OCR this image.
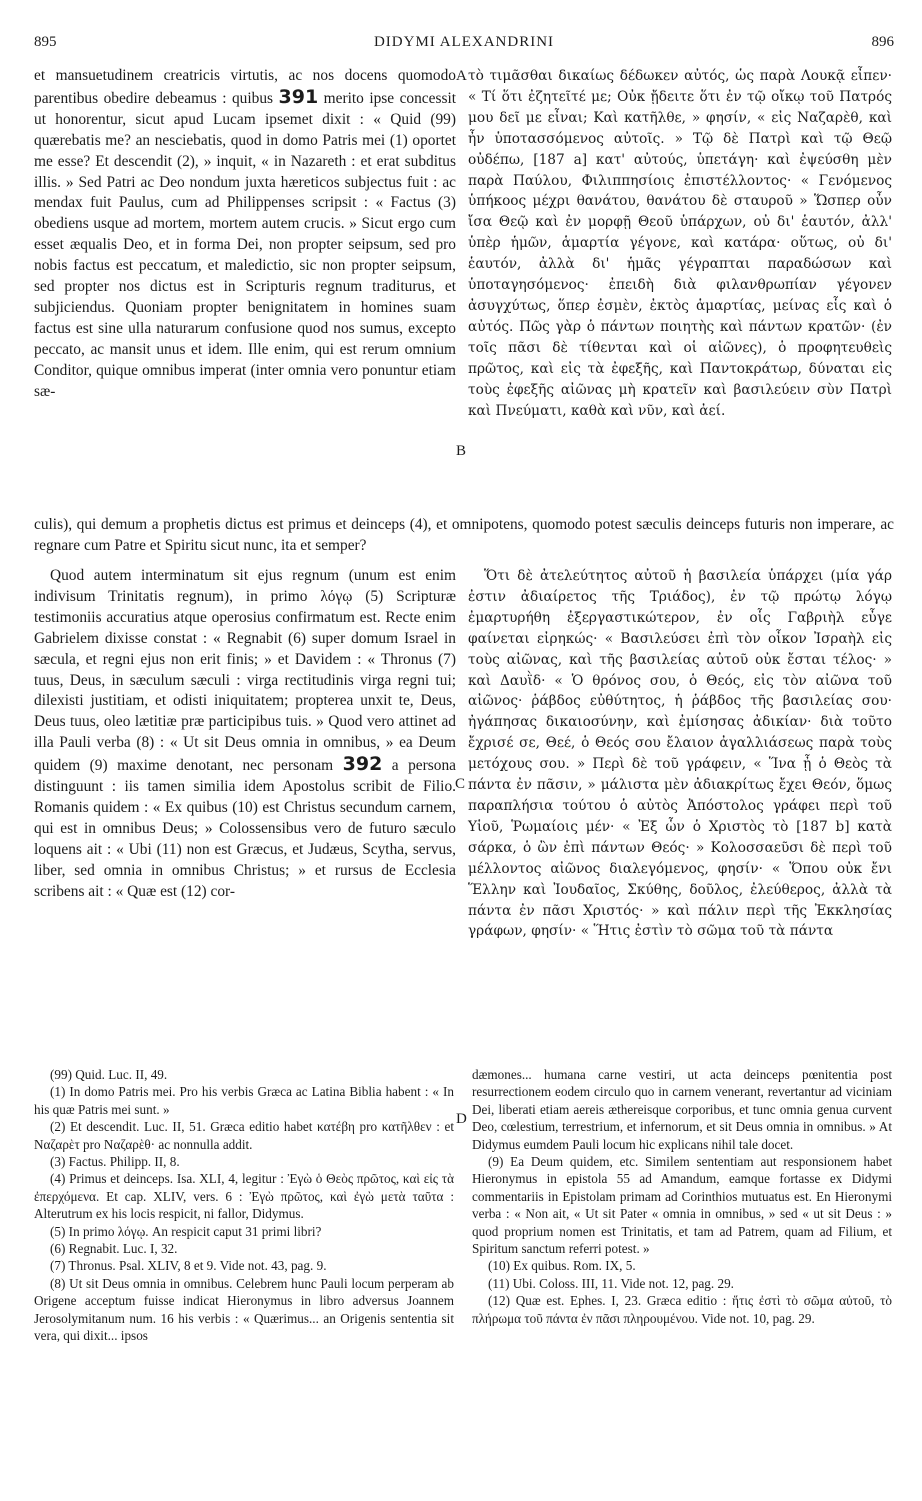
895	DIDYMI ALEXANDRINI	896

et mansuetudinem creatricis virtutis, ac nos docens quomodo parentibus obedire debeamus : quibus 391 merito ipse concessit ut honorentur, sicut apud Lucam ipsemet dixit : « Quid (99) quærebatis me? an nesciebatis, quod in domo Patris mei (1) oportet me esse? Et descendit (2), » inquit, « in Nazareth : et erat subditus illis. » Sed Patri ac Deo nondum juxta hæreticos subjectus fuit : ac mendax fuit Paulus, cum ad Philippenses scripsit : « Factus (3) obediens usque ad mortem, mortem autem crucis. » Sicut ergo cum esset æqualis Deo, et in forma Dei, non propter seipsum, sed pro nobis factus est peccatum, et maledictio, sic non propter seipsum, sed propter nos dictus est in Scripturis regnum traditurus, et subjiciendus. Quoniam propter benignitatem in homines suam factus est sine ulla naturarum confusione quod nos sumus, excepto peccato, ac mansit unus et idem. Ille enim, qui est rerum omnium Conditor, quique omnibus imperat (inter omnia vero ponuntur etiam sæ-

τὸ τιμᾶσθαι δικαίως δέδωκεν αὐτός, ὡς παρὰ Λουκᾷ εἶπεν· « Τί ὅτι ἐζητεῖτέ με; Οὐκ ᾔδειτε ὅτι ἐν τῷ οἴκῳ τοῦ Πατρός μου δεῖ με εἶναι; Καὶ κατῆλθε, » φησίν, « εἰς Ναζαρὲθ, καὶ ἦν ὑποτασσόμενος αὐτοῖς. » Τῷ δὲ Πατρὶ καὶ τῷ Θεῷ οὐδέπω, [187 a] κατ' αὐτούς, ὑπετάγη· καὶ ἐψεύσθη μὲν παρὰ Παύλου, Φιλιππησίοις ἐπιστέλλοντος· « Γενόμενος ὑπήκοος μέχρι θανάτου, θανάτου δὲ σταυροῦ » Ὥσπερ οὖν ἴσα Θεῷ καὶ ἐν μορφῇ Θεοῦ ὑπάρχων, οὐ δι' ἑαυτόν, ἀλλ' ὑπὲρ ἡμῶν, ἁμαρτία γέγονε, καὶ κατάρα· οὕτως, οὐ δι' ἑαυτόν, ἀλλὰ δι' ἡμᾶς γέγραπται παραδώσων καὶ ὑποταγησόμενος· ἐπειδὴ διὰ φιλανθρωπίαν γέγονεν ἀσυγχύτως, ὅπερ ἐσμὲν, ἐκτὸς ἁμαρτίας, μείνας εἷς καὶ ὁ αὐτός. Πῶς γὰρ ὁ πάντων ποιητὴς καὶ πάντων κρατῶν· (ἐν τοῖς πᾶσι δὲ τίθενται καὶ οἱ αἰῶνες), ὁ προφητευθεὶς πρῶτος, καὶ εἰς τὰ ἐφεξῆς, καὶ Παντοκράτωρ, δύναται εἰς τοὺς ἐφεξῆς αἰῶνας μὴ κρατεῖν καὶ βασιλεύειν σὺν Πατρὶ καὶ Πνεύματι, καθὰ καὶ νῦν, καὶ ἀεί.

A
B
C
D

culis), qui demum a prophetis dictus est primus et deinceps (4), et omnipotens, quomodo potest sæculis deinceps futuris non imperare, ac regnare cum Patre et Spiritu sicut nunc, ita et semper?

Quod autem interminatum sit ejus regnum (unum est enim indivisum Trinitatis regnum), in primo λόγῳ (5) Scripturæ testimoniis accuratius atque operosius confirmatum est. Recte enim Gabrielem dixisse constat : « Regnabit (6) super domum Israel in sæcula, et regni ejus non erit finis; » et Davidem : « Thronus (7) tuus, Deus, in sæculum sæculi : virga rectitudinis virga regni tui; dilexisti justitiam, et odisti iniquitatem; propterea unxit te, Deus, Deus tuus, oleo lætitiæ præ participibus tuis. » Quod vero attinet ad illa Pauli verba (8) : « Ut sit Deus omnia in omnibus, » ea Deum quidem (9) maxime denotant, nec personam 392 a persona distinguunt : iis tamen similia idem Apostolus scribit de Filio. Romanis quidem : « Ex quibus (10) est Christus secundum carnem, qui est in omnibus Deus; » Colossensibus vero de futuro sæculo loquens ait : « Ubi (11) non est Græcus, et Judæus, Scytha, servus, liber, sed omnia in omnibus Christus; » et rursus de Ecclesia scribens ait : « Quæ est (12) cor-

Ὅτι δὲ ἀτελεύτητος αὐτοῦ ἡ βασιλεία ὑπάρχει (μία γάρ ἐστιν ἀδιαίρετος τῆς Τριάδος), ἐν τῷ πρώτῳ λόγῳ ἐμαρτυρήθη ἐξεργαστικώτερον, ἐν οἷς Γαβριὴλ εὖγε φαίνεται εἰρηκώς· « Βασιλεύσει ἐπὶ τὸν οἶκον Ἰσραὴλ εἰς τοὺς αἰῶνας, καὶ τῆς βασιλείας αὐτοῦ οὐκ ἔσται τέλος· » καὶ Δαυῒδ· « Ὁ θρόνος σου, ὁ Θεός, εἰς τὸν αἰῶνα τοῦ αἰῶνος· ῥάβδος εὐθύτητος, ἡ ῥάβδος τῆς βασιλείας σου· ἠγάπησας δικαιοσύνην, καὶ ἐμίσησας ἀδικίαν· διὰ τοῦτο ἔχρισέ σε, Θεέ, ὁ Θεός σου ἔλαιον ἀγαλλιάσεως παρὰ τοὺς μετόχους σου. » Περὶ δὲ τοῦ γράφειν, « Ἵνα ᾖ ὁ Θεὸς τὰ πάντα ἐν πᾶσιν, » μάλιστα μὲν ἀδιακρίτως ἔχει Θεόν, ὅμως παραπλήσια τούτου ὁ αὐτὸς Ἀπόστολος γράφει περὶ τοῦ Υἱοῦ, Ῥωμαίοις μέν· « Ἐξ ὧν ὁ Χριστὸς τὸ [187 b] κατὰ σάρκα, ὁ ὢν ἐπὶ πάντων Θεός· » Κολοσσαεῦσι δὲ περὶ τοῦ μέλλοντος αἰῶνος διαλεγόμενος, φησίν· « Ὅπου οὐκ ἔνι Ἕλλην καὶ Ἰουδαῖος, Σκύθης, δοῦλος, ἐλεύθερος, ἀλλὰ τὰ πάντα ἐν πᾶσι Χριστός· » καὶ πάλιν περὶ τῆς Ἐκκλησίας γράφων, φησίν· « Ἥτις ἐστὶν τὸ σῶμα τοῦ τὰ πάντα

(99) Quid. Luc. II, 49.

(1) In domo Patris mei. Pro his verbis Græca ac Latina Biblia habent : « In his quæ Patris mei sunt. »

(2) Et descendit. Luc. II, 51. Græca editio habet κατέβη pro κατῆλθεν : et Ναζαρὲτ pro Ναζαρὲθ· ac nonnulla addit.

(3) Factus. Philipp. II, 8.

(4) Primus et deinceps. Isa. XLI, 4, legitur : Ἐγὼ ὁ Θεὸς πρῶτος, καὶ εἰς τὰ ἐπερχόμενα. Et cap. XLIV, vers. 6 : Ἐγὼ πρῶτος, καὶ ἐγὼ μετὰ ταῦτα : Alterutrum ex his locis respicit, ni fallor, Didymus.

(5) In primo λόγῳ. An respicit caput 31 primi libri?

(6) Regnabit. Luc. I, 32.

(7) Thronus. Psal. XLIV, 8 et 9. Vide not. 43, pag. 9.

(8) Ut sit Deus omnia in omnibus. Celebrem hunc Pauli locum perperam ab Origene acceptum fuisse indicat Hieronymus in libro adversus Joannem Jerosolymitanum num. 16 his verbis : « Quærimus... an Origenis sententia sit vera, qui dixit... ipsos

dæmones... humana carne vestiri, ut acta deinceps pœnitentia post resurrectionem eodem circulo quo in carnem venerant, revertantur ad viciniam Dei, liberati etiam aereis æthereisque corporibus, et tunc omnia genua curvent Deo, cœlestium, terrestrium, et infernorum, et sit Deus omnia in omnibus. » At Didymus eumdem Pauli locum hic explicans nihil tale docet.

(9) Ea Deum quidem, etc. Similem sententiam aut responsionem habet Hieronymus in epistola 55 ad Amandum, eamque fortasse ex Didymi commentariis in Epistolam primam ad Corinthios mutuatus est. En Hieronymi verba : « Non ait, « Ut sit Pater « omnia in omnibus, » sed « ut sit Deus : » quod proprium nomen est Trinitatis, et tam ad Patrem, quam ad Filium, et Spiritum sanctum referri potest. »

(10) Ex quibus. Rom. IX, 5.

(11) Ubi. Coloss. III, 11. Vide not. 12, pag. 29.

(12) Quæ est. Ephes. I, 23. Græca editio : ἥτις ἐστὶ τὸ σῶμα αὐτοῦ, τὸ πλήρωμα τοῦ πάντα ἐν πᾶσι πληρουμένου. Vide not. 10, pag. 29.
